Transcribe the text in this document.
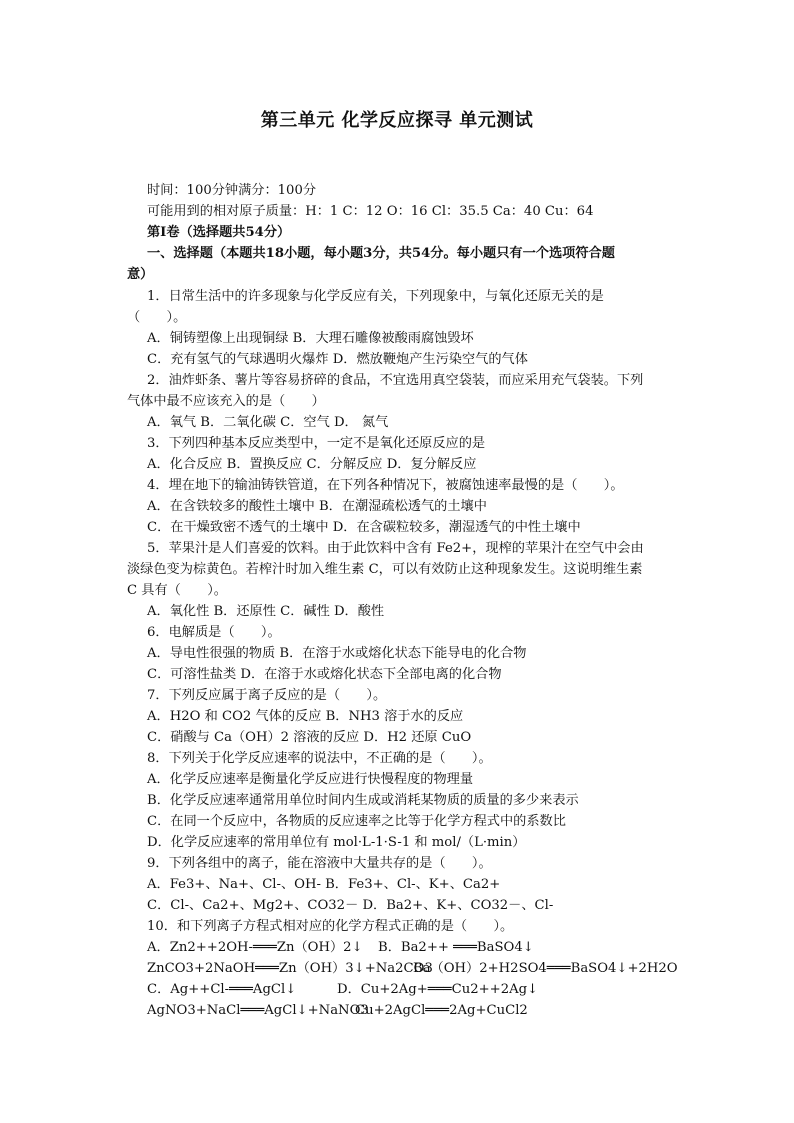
第三单元 化学反应探寻 单元测试
时间：100分钟满分：100分
可能用到的相对原子质量：H：1 C：12 O：16 Cl：35.5 Ca：40 Cu：64
第Ⅰ卷（选择题共54分）
一、选择题（本题共18小题，每小题3分，共54分。每小题只有一个选项符合题
意）
1．日常生活中的许多现象与化学反应有关，下列现象中，与氧化还原无关的是
（　　）。
A．铜铸塑像上出现铜绿 B．大理石雕像被酸雨腐蚀毁坏
C．充有氢气的气球遇明火爆炸 D．燃放鞭炮产生污染空气的气体
2．油炸虾条、薯片等容易挤碎的食品，不宜选用真空袋装，而应采用充气袋装。下列
气体中最不应该充入的是（　　）
A．氧气 B．二氧化碳 C．空气 D． 氮气
3．下列四种基本反应类型中，一定不是氧化还原反应的是
A．化合反应 B．置换反应 C．分解反应 D．复分解反应
4．埋在地下的输油铸铁管道，在下列各种情况下，被腐蚀速率最慢的是（　　）。
A．在含铁较多的酸性土壤中 B．在潮湿疏松透气的土壤中
C．在干燥致密不透气的土壤中 D．在含碳粒较多，潮湿透气的中性土壤中
5．苹果汁是人们喜爱的饮料。由于此饮料中含有 Fe2+，现榨的苹果汁在空气中会由
淡绿色变为棕黄色。若榨汁时加入维生素 C，可以有效防止这种现象发生。这说明维生素
C 具有（　　）。
A．氧化性 B．还原性 C．碱性 D．酸性
6．电解质是（　　）。
A．导电性很强的物质 B．在溶于水或熔化状态下能导电的化合物
C．可溶性盐类 D．在溶于水或熔化状态下全部电离的化合物
7．下列反应属于离子反应的是（　　）。
A．H2O 和 CO2 气体的反应 B．NH3 溶于水的反应
C．硝酸与 Ca（OH）2 溶液的反应 D．H2 还原 CuO
8．下列关于化学反应速率的说法中，不正确的是（　　）。
A．化学反应速率是衡量化学反应进行快慢程度的物理量
B．化学反应速率通常用单位时间内生成或消耗某物质的质量的多少来表示
C．在同一个反应中，各物质的反应速率之比等于化学方程式中的系数比
D．化学反应速率的常用单位有 mol·L-1·S-1 和 mol/（L·min）
9．下列各组中的离子，能在溶液中大量共存的是（　　）。
A．Fe3+、Na+、Cl-、OH- B．Fe3+、Cl-、K+、Ca2+
C．Cl-、Ca2+、Mg2+、CO32－ D．Ba2+、K+、CO32－、Cl-
10．和下列离子方程式相对应的化学方程式正确的是（　　）。
A．Zn2++2OH-═══Zn（OH）2↓ B．Ba2++ ═══BaSO4↓
ZnCO3+2NaOH═══Zn（OH）3↓+Na2CO3
Ba（OH）2+H2SO4═══BaSO4↓+2H2O
C．Ag++Cl-═══AgCl↓	D．Cu+2Ag+═══Cu2++2Ag↓
AgNO3+NaCl═══AgCl↓+NaNO3
Cu+2AgCl═══2Ag+CuCl2
